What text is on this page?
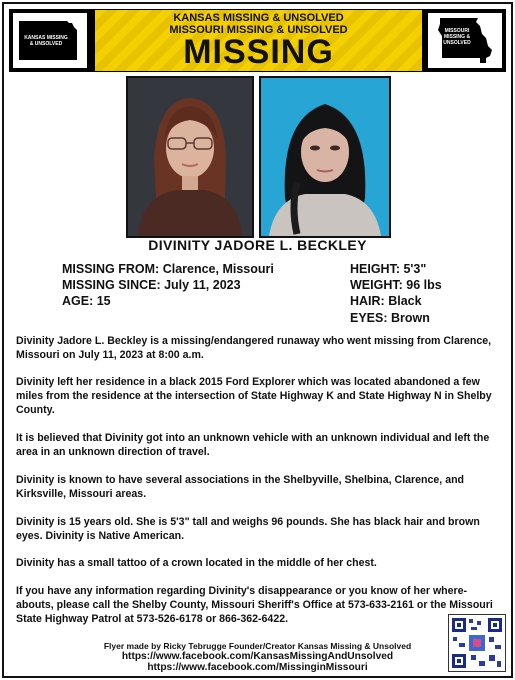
KANSAS MISSING & UNSOLVED
KANSAS MISSING & UNSOLVED
MISSOURI MISSING & UNSOLVED
MISSING
MISSOURI MISSING & UNSOLVED
DIVINITY JADORE L. BECKLEY
MISSING FROM: Clarence, Missouri
MISSING SINCE: July 11, 2023
AGE: 15
HEIGHT: 5'3"
WEIGHT: 96 lbs
HAIR: Black
EYES: Brown

Divinity Jadore L. Beckley is a missing/endangered runaway who went missing from Clarence, Missouri on July 11, 2023 at 8:00 a.m.

Divinity left her residence in a black 2015 Ford Explorer which was located abandoned a few miles from the residence at the intersection of State Highway K and State Highway N in Shelby County.

It is believed that Divinity got into an unknown vehicle with an unknown individual and left the area in an unknown direction of travel.

Divinity is known to have several associations in the Shelbyville, Shelbina, Clarence, and Kirksville, Missouri areas.

Divinity is 15 years old. She is 5'3" tall and weighs 96 pounds. She has black hair and brown eyes. Divinity is Native American.

Divinity has a small tattoo of a crown located in the middle of her chest.

If you have any information regarding Divinity's disappearance or you know of her where-abouts, please call the Shelby County, Missouri Sheriff's Office at 573-633-2161 or the Missouri State Highway Patrol at 573-526-6178 or 866-362-6422.

Flyer made by Ricky Tebrugge Founder/Creator Kansas Missing & Unsolved
https://www.facebook.com/KansasMissingAndUnsolved
https://www.facebook.com/MissinginMissouri
